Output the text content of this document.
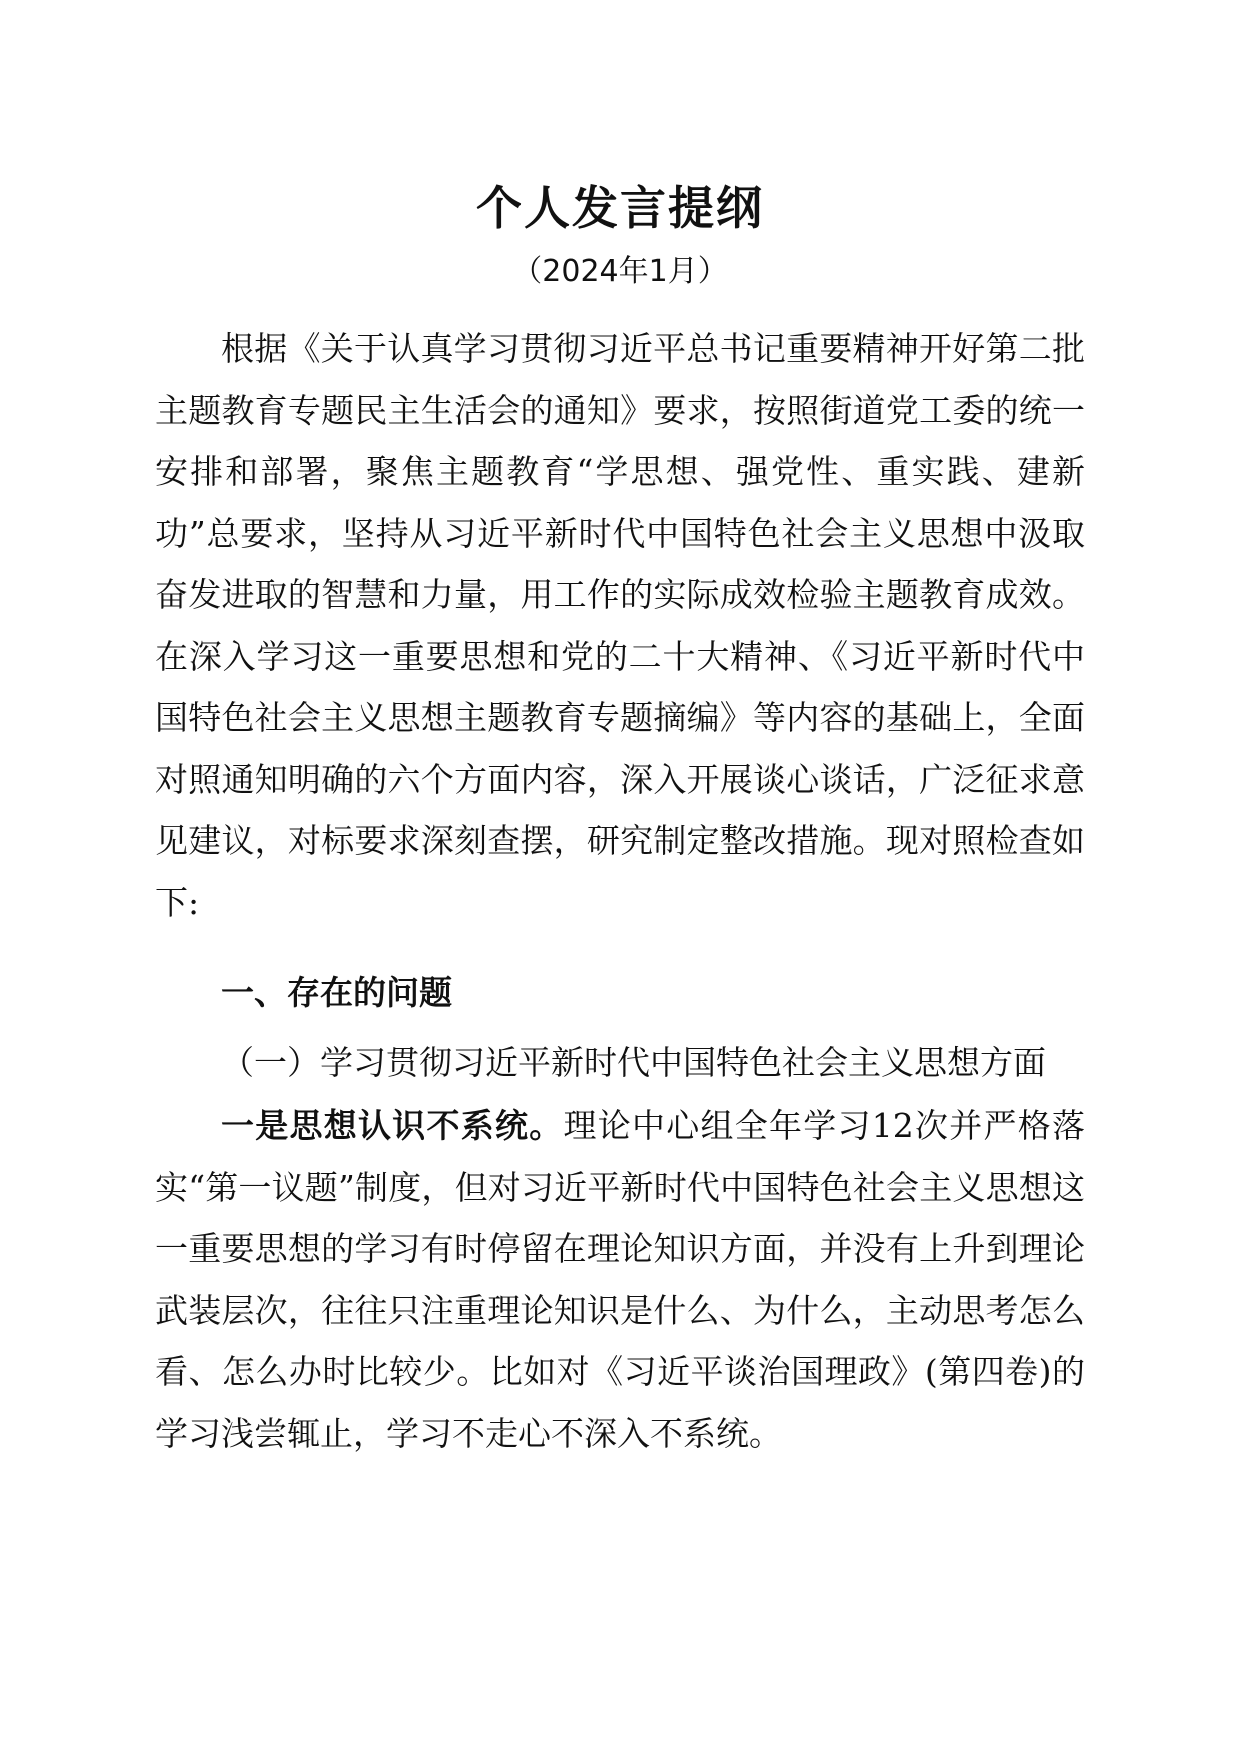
个人发言提纲
（2024年1月）

根据《关于认真学习贯彻习近平总书记重要精神开好第二批主题教育专题民主生活会的通知》要求，按照街道党工委的统一安排和部署，聚焦主题教育“学思想、强党性、重实践、建新功”总要求，坚持从习近平新时代中国特色社会主义思想中汲取奋发进取的智慧和力量，用工作的实际成效检验主题教育成效。在深入学习这一重要思想和党的二十大精神、《习近平新时代中国特色社会主义思想主题教育专题摘编》等内容的基础上，全面对照通知明确的六个方面内容，深入开展谈心谈话，广泛征求意见建议，对标要求深刻查摆，研究制定整改措施。现对照检查如下:

一、存在的问题
（一）学习贯彻习近平新时代中国特色社会主义思想方面

一是思想认识不系统。理论中心组全年学习12次并严格落实“第一议题”制度，但对习近平新时代中国特色社会主义思想这一重要思想的学习有时停留在理论知识方面，并没有上升到理论武装层次，往往只注重理论知识是什么、为什么，主动思考怎么看、怎么办时比较少。比如对《习近平谈治国理政》(第四卷)的学习浅尝辄止，学习不走心不深入不系统。
